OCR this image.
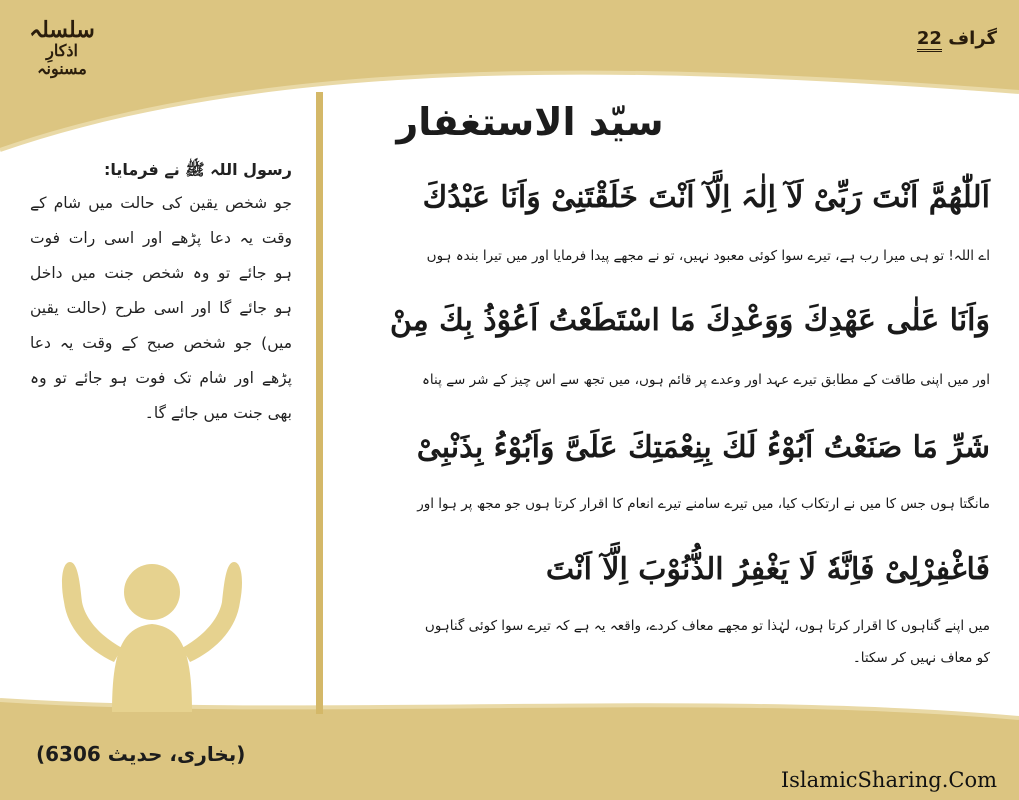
سلسلہ
اذکارِ مسنونہ
گراف 22
سیّد الاستغفار
اَللّٰھُمَّ اَنْتَ رَبِّیْ لَآ اِلٰہَ اِلَّآ اَنْتَ خَلَقْتَنِیْ وَاَنَا عَبْدُكَ
اے اللہ! تو ہی میرا رب ہے، تیرے سوا کوئی معبود نہیں، تو نے مجھے پیدا فرمایا اور میں تیرا بندہ ہوں
وَاَنَا عَلٰی عَھْدِكَ وَوَعْدِكَ مَا اسْتَطَعْتُ اَعُوْذُ بِكَ مِنْ
اور میں اپنی طاقت کے مطابق تیرے عہد اور وعدے پر قائم ہوں، میں تجھ سے اس چیز کے شر سے پناہ
شَرِّ مَا صَنَعْتُ اَبُوْءُ لَكَ بِنِعْمَتِكَ عَلَیَّ وَاَبُوْءُ بِذَنْبِیْ
مانگتا ہوں جس کا میں نے ارتکاب کیا، میں تیرے سامنے تیرے انعام کا اقرار کرتا ہوں جو مجھ پر ہوا اور
فَاغْفِرْلِیْ فَاِنَّهٗ لَا یَغْفِرُ الذُّنُوْبَ اِلَّآ اَنْتَ
میں اپنے گناہوں کا اقرار کرتا ہوں، لہٰذا تو مجھے معاف کردے، واقعہ یہ ہے کہ تیرے سوا کوئی گناہوں
کو معاف نہیں کر سکتا۔
رسول اللہ ﷺ نے فرمایا:
جو شخص یقین کی حالت میں شام کے
وقت یہ دعا پڑھے اور اسی رات فوت
ہو جائے تو وہ شخص جنت میں داخل
ہو جائے گا اور اسی طرح (حالت یقین
میں) جو شخص صبح کے وقت یہ دعا
پڑھے اور شام تک فوت ہو جائے تو وہ
بھی جنت میں جائے گا۔
(بخاری، حدیث 6306)
IslamicSharing.Com
